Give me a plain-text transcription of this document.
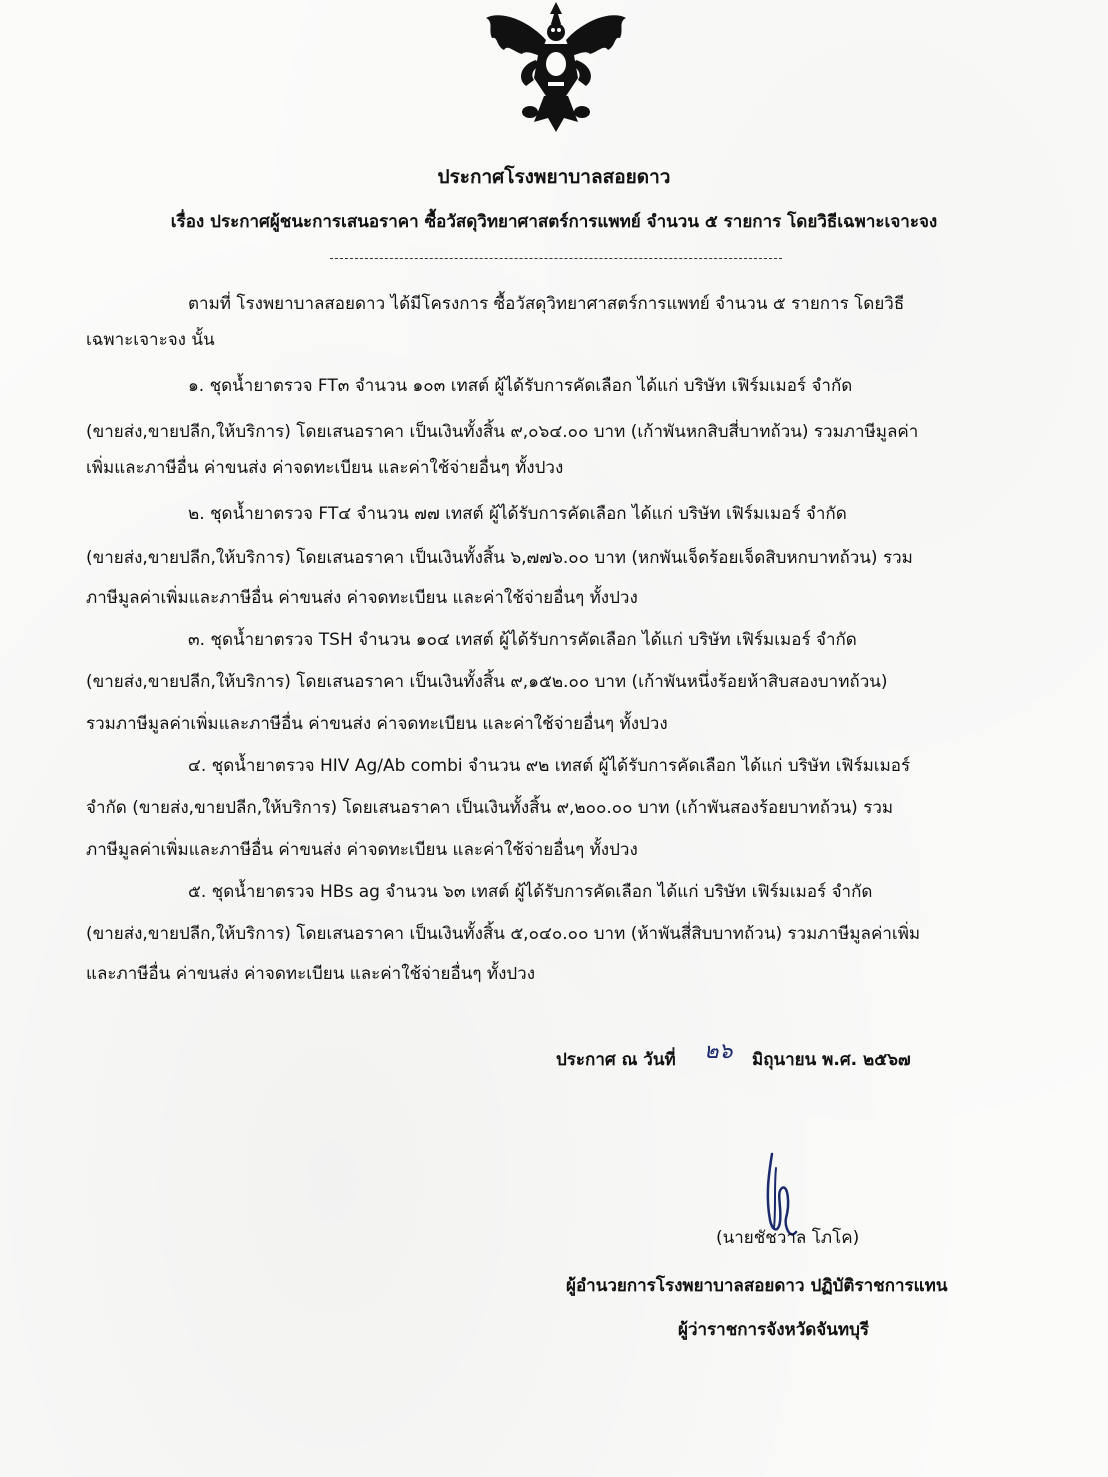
ประกาศโรงพยาบาลสอยดาว
เรื่อง ประกาศผู้ชนะการเสนอราคา ซื้อวัสดุวิทยาศาสตร์การแพทย์ จำนวน ๕ รายการ โดยวิธีเฉพาะเจาะจง
ตามที่ โรงพยาบาลสอยดาว ได้มีโครงการ ซื้อวัสดุวิทยาศาสตร์การแพทย์ จำนวน ๕ รายการ โดยวิธี
เฉพาะเจาะจง นั้น
๑. ชุดน้ำยาตรวจ FT๓ จำนวน ๑๐๓ เทสต์ ผู้ได้รับการคัดเลือก ได้แก่ บริษัท เฟิร์มเมอร์ จำกัด
(ขายส่ง,ขายปลีก,ให้บริการ) โดยเสนอราคา เป็นเงินทั้งสิ้น ๙,๐๖๔.๐๐ บาท (เก้าพันหกสิบสี่บาทถ้วน) รวมภาษีมูลค่า
เพิ่มและภาษีอื่น ค่าขนส่ง ค่าจดทะเบียน และค่าใช้จ่ายอื่นๆ ทั้งปวง
๒. ชุดน้ำยาตรวจ FT๔ จำนวน ๗๗ เทสต์ ผู้ได้รับการคัดเลือก ได้แก่ บริษัท เฟิร์มเมอร์ จำกัด
(ขายส่ง,ขายปลีก,ให้บริการ) โดยเสนอราคา เป็นเงินทั้งสิ้น ๖,๗๗๖.๐๐ บาท (หกพันเจ็ดร้อยเจ็ดสิบหกบาทถ้วน) รวม
ภาษีมูลค่าเพิ่มและภาษีอื่น ค่าขนส่ง ค่าจดทะเบียน และค่าใช้จ่ายอื่นๆ ทั้งปวง
๓. ชุดน้ำยาตรวจ TSH จำนวน ๑๐๔ เทสต์ ผู้ได้รับการคัดเลือก ได้แก่ บริษัท เฟิร์มเมอร์ จำกัด
(ขายส่ง,ขายปลีก,ให้บริการ) โดยเสนอราคา เป็นเงินทั้งสิ้น ๙,๑๕๒.๐๐ บาท (เก้าพันหนึ่งร้อยห้าสิบสองบาทถ้วน)
รวมภาษีมูลค่าเพิ่มและภาษีอื่น ค่าขนส่ง ค่าจดทะเบียน และค่าใช้จ่ายอื่นๆ ทั้งปวง
๔. ชุดน้ำยาตรวจ HIV Ag/Ab combi จำนวน ๙๒ เทสต์ ผู้ได้รับการคัดเลือก ได้แก่ บริษัท เฟิร์มเมอร์
จำกัด (ขายส่ง,ขายปลีก,ให้บริการ) โดยเสนอราคา เป็นเงินทั้งสิ้น ๙,๒๐๐.๐๐ บาท (เก้าพันสองร้อยบาทถ้วน) รวม
ภาษีมูลค่าเพิ่มและภาษีอื่น ค่าขนส่ง ค่าจดทะเบียน และค่าใช้จ่ายอื่นๆ ทั้งปวง
๕. ชุดน้ำยาตรวจ HBs ag จำนวน ๖๓ เทสต์ ผู้ได้รับการคัดเลือก ได้แก่ บริษัท เฟิร์มเมอร์ จำกัด
(ขายส่ง,ขายปลีก,ให้บริการ) โดยเสนอราคา เป็นเงินทั้งสิ้น ๕,๐๔๐.๐๐ บาท (ห้าพันสี่สิบบาทถ้วน) รวมภาษีมูลค่าเพิ่ม
และภาษีอื่น ค่าขนส่ง ค่าจดทะเบียน และค่าใช้จ่ายอื่นๆ ทั้งปวง
ประกาศ ณ วันที่ ๒๖ มิถุนายน พ.ศ. ๒๕๖๗
(นายชัชวาล โภโค)
ผู้อำนวยการโรงพยาบาลสอยดาว ปฏิบัติราชการแทน
ผู้ว่าราชการจังหวัดจันทบุรี
